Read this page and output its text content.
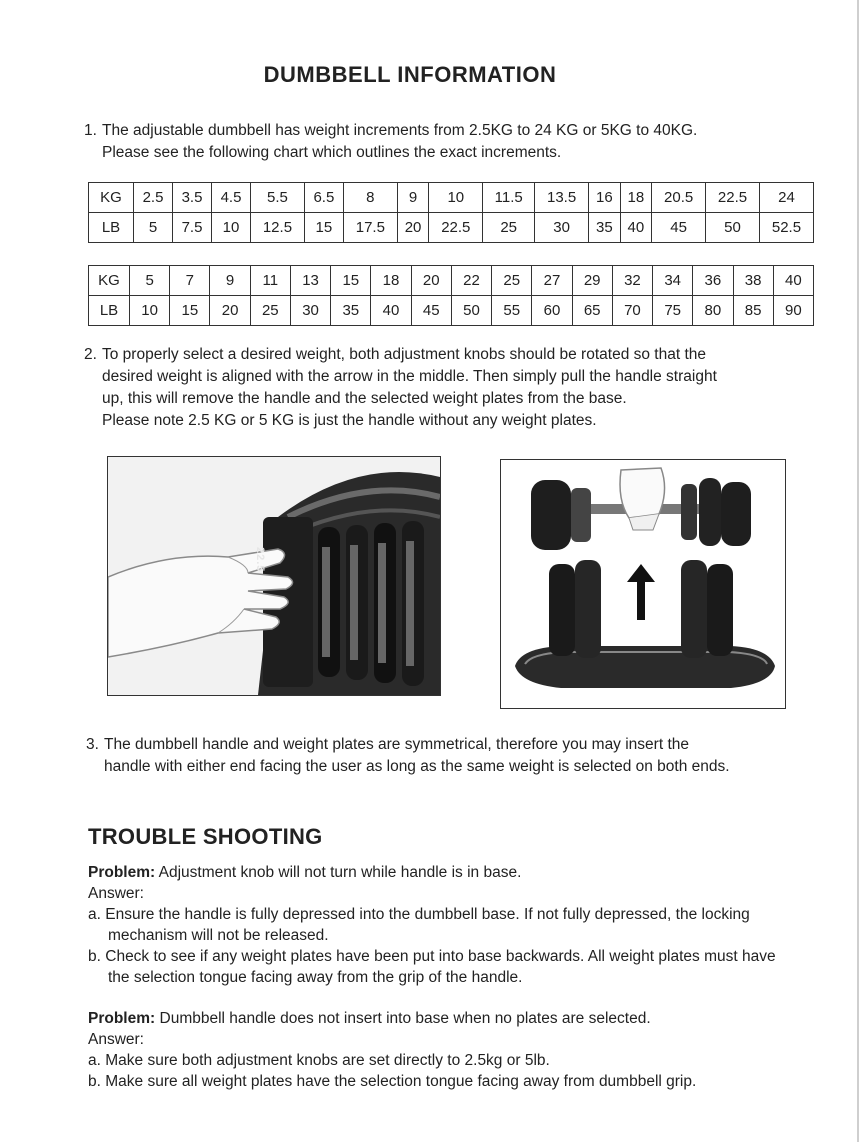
DUMBBELL INFORMATION
1. The adjustable dumbbell has weight increments from 2.5KG to 24 KG or 5KG to 40KG.
Please see the following chart which outlines the exact increments.
KG	2.5	3.5	4.5	5.5	6.5	8	9	10	11.5	13.5	16	18	20.5	22.5	24
LB	5	7.5	10	12.5	15	17.5	20	22.5	25	30	35	40	45	50	52.5
KG	5	7	9	11	13	15	18	20	22	25	27	29	32	34	36	38	40
LB	10	15	20	25	30	35	40	45	50	55	60	65	70	75	80	85	90
2. To properly select a desired weight, both adjustment knobs should be rotated so that the
desired weight is aligned with the arrow in the middle. Then simply pull the handle straight
up, this will remove the handle and the selected weight plates from the base.
Please note 2.5 KG or 5 KG is just the handle without any weight plates.
22.5
3. The dumbbell handle and weight plates are symmetrical, therefore you may insert the
handle with either end facing the user as long as the same weight is selected on both ends.
TROUBLE SHOOTING
Problem: Adjustment knob will not turn while handle is in base.
Answer:
a. Ensure the handle is fully depressed into the dumbbell base. If not fully depressed, the locking mechanism will not be released.
b. Check to see if any weight plates have been put into base backwards. All weight plates must have the selection tongue facing away from the grip of the handle.
Problem: Dumbbell handle does not insert into base when no plates are selected.
Answer:
a. Make sure both adjustment knobs are set directly to 2.5kg or 5lb.
b. Make sure all weight plates have the selection tongue facing away from dumbbell grip.
